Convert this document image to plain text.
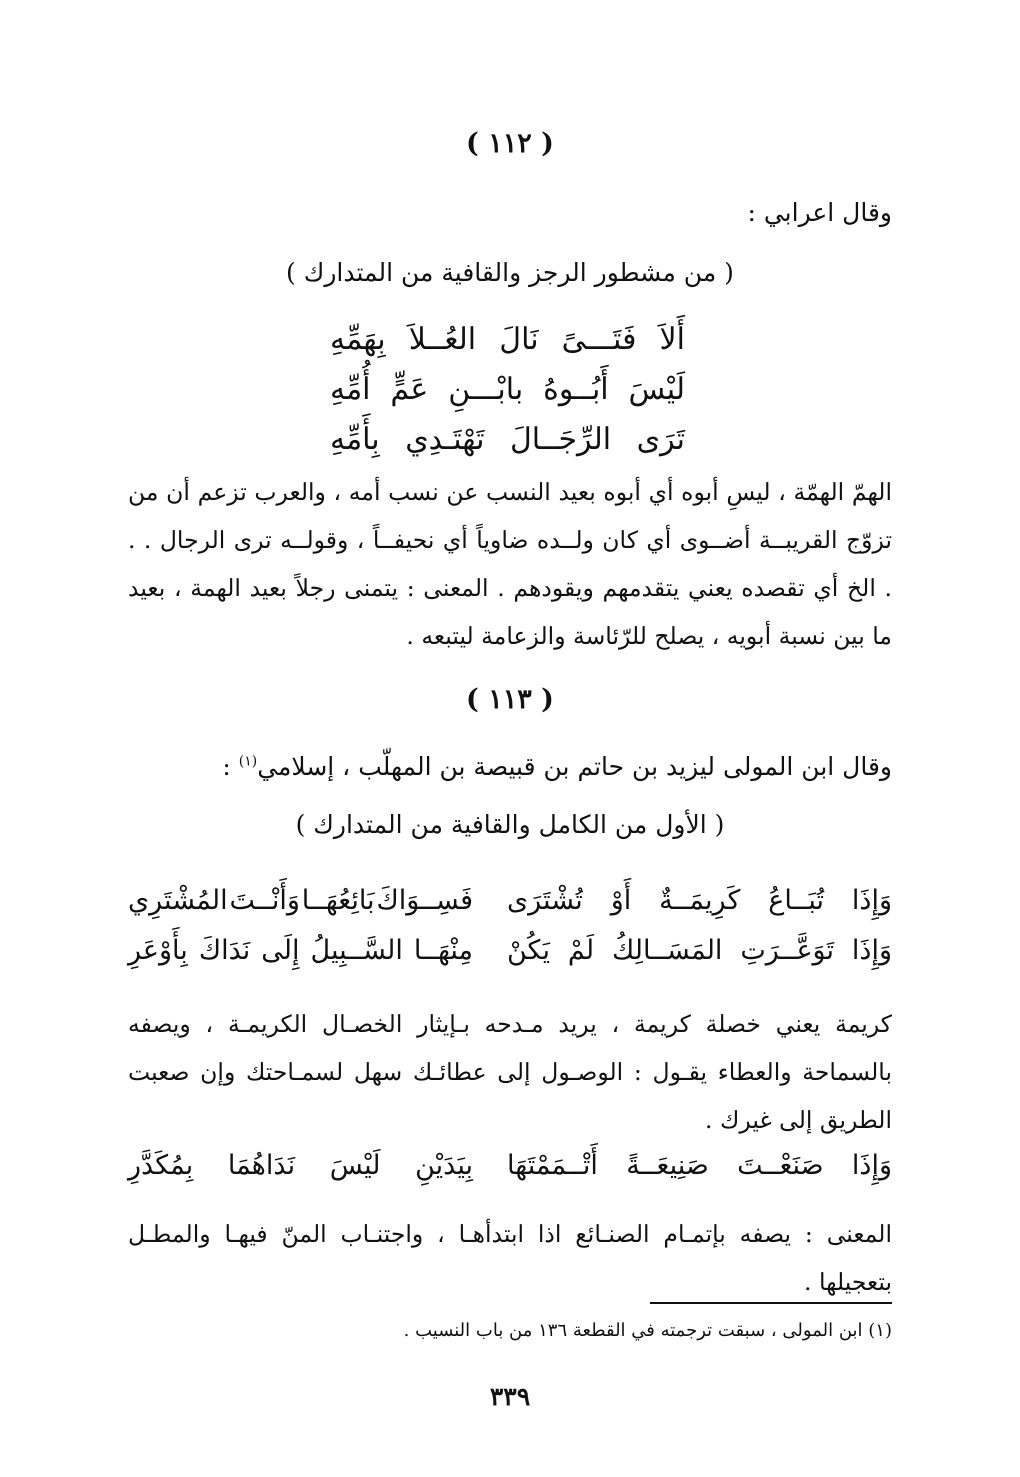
( ١١٢ )
وقال اعرابي :
( من مشطور الرجز والقافية من المتدارك )
أَلاَ
فَتَـــىً
نَالَ
العُــلاَ
بِهَمِّهِ
لَيْسَ
أَبُــوهُ
بابْـــنِ
عَمٍّ
أُمِّهِ
تَرَى
الرِّجَــالَ
تَهْتَـدِي
بِأَمِّهِ
الهمّ الهمّة ، ليسِ أبوه أي أبوه بعيد النسب عن نسب أمه ، والعرب تزعم أن من تزوّج القريبــة أضــوى أي كان ولــده ضاوياً أي نحيفــاً ، وقولــه ترى الرجال . . . الخ أي تقصده يعني يتقدمهم ويقودهم . المعنى : يتمنى رجلاً بعيد الهمة ، بعيد ما بين نسبة أبويه ، يصلح للرّئاسة والزعامة ليتبعه .
( ١١٣ )
وقال ابن المولى ليزيد بن حاتم بن قبيصة بن المهلّب ، إسلامي$^{(١)}$ :
( الأول من الكامل والقافية من المتدارك )
وَإِذَا
تُبَــاعُ
كَرِيمَــةٌ
أَوْ
تُشْتَرَى
فَسِــوَاكَ
بَائِعُهَــا
وَأَنْــتَ
المُشْتَرِي
وَإِذَا
تَوَعَّــرَتِ
المَسَــالِكُ
لَمْ
يَكُنْ
مِنْهَــا
السَّــبِيلُ
إِلَى
نَدَاكَ
بِأَوْعَرِ
كريمة يعني خصلة كريمة ، يريد مـدحه بـإيثار الخصـال الكريمـة ، ويصفه بالسماحة والعطاء يقـول : الوصـول إلى عطائـك سهل لسمـاحتك وإن صعبت الطريق إلى غيرك .
وَإِذَا
صَنَعْــتَ
صَنِيعَــةً
أَتْــمَمْتَهَا
بِيَدَيْنِ
لَيْسَ
نَدَاهُمَا
بِمُكَدَّرِ
المعنى : يصفه بإتمـام الصنـائع اذا ابتدأهـا ، واجتنـاب المنّ فيهـا والمطـل بتعجيلها .
(١) ابن المولى ، سبقت ترجمته في القطعة ١٣٦ من باب النسيب .
٣٣٩
